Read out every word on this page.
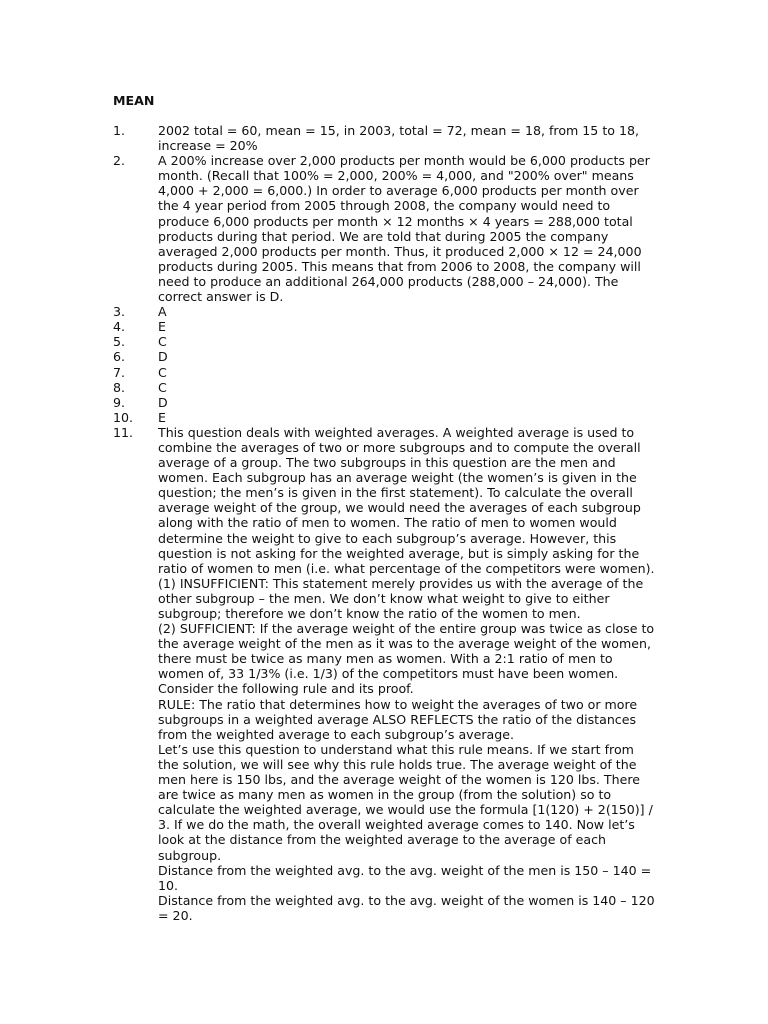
MEAN
1.	2002 total = 60, mean = 15, in 2003, total = 72, mean = 18, from 15 to 18, increase = 20%

2.	A 200% increase over 2,000 products per month would be 6,000 products per month. (Recall that 100% = 2,000, 200% = 4,000, and "200% over" means 4,000 + 2,000 = 6,000.) In order to average 6,000 products per month over the 4 year period from 2005 through 2008, the company would need to produce 6,000 products per month × 12 months × 4 years = 288,000 total products during that period. We are told that during 2005 the company averaged 2,000 products per month. Thus, it produced 2,000 × 12 = 24,000 products during 2005. This means that from 2006 to 2008, the company will need to produce an additional 264,000 products (288,000 – 24,000). The correct answer is D.

3.	A

4.	E

5.	C

6.	D

7.	C

8.	C

9.	D

10. E

11. This question deals with weighted averages. A weighted average is used to combine the averages of two or more subgroups and to compute the overall average of a group. The two subgroups in this question are the men and women. Each subgroup has an average weight (the women’s is given in the question; the men’s is given in the first statement). To calculate the overall average weight of the group, we would need the averages of each subgroup along with the ratio of men to women. The ratio of men to women would determine the weight to give to each subgroup’s average. However, this question is not asking for the weighted average, but is simply asking for the ratio of women to men (i.e. what percentage of the competitors were women).

(1) INSUFFICIENT: This statement merely provides us with the average of the other subgroup – the men. We don’t know what weight to give to either subgroup; therefore we don’t know the ratio of the women to men.

(2) SUFFICIENT: If the average weight of the entire group was twice as close to the average weight of the men as it was to the average weight of the women, there must be twice as many men as women. With a 2:1 ratio of men to women of, 33 1/3% (i.e. 1/3) of the competitors must have been women. Consider the following rule and its proof.

RULE: The ratio that determines how to weight the averages of two or more subgroups in a weighted average ALSO REFLECTS the ratio of the distances from the weighted average to each subgroup’s average.

Let’s use this question to understand what this rule means. If we start from the solution, we will see why this rule holds true. The average weight of the men here is 150 lbs, and the average weight of the women is 120 lbs. There are twice as many men as women in the group (from the solution) so to calculate the weighted average, we would use the formula [1(120) + 2(150)] / 3. If we do the math, the overall weighted average comes to 140. Now let’s look at the distance from the weighted average to the average of each subgroup.

Distance from the weighted avg. to the avg. weight of the men is 150 – 140 = 10.

Distance from the weighted avg. to the avg. weight of the women is 140 – 120 = 20.
